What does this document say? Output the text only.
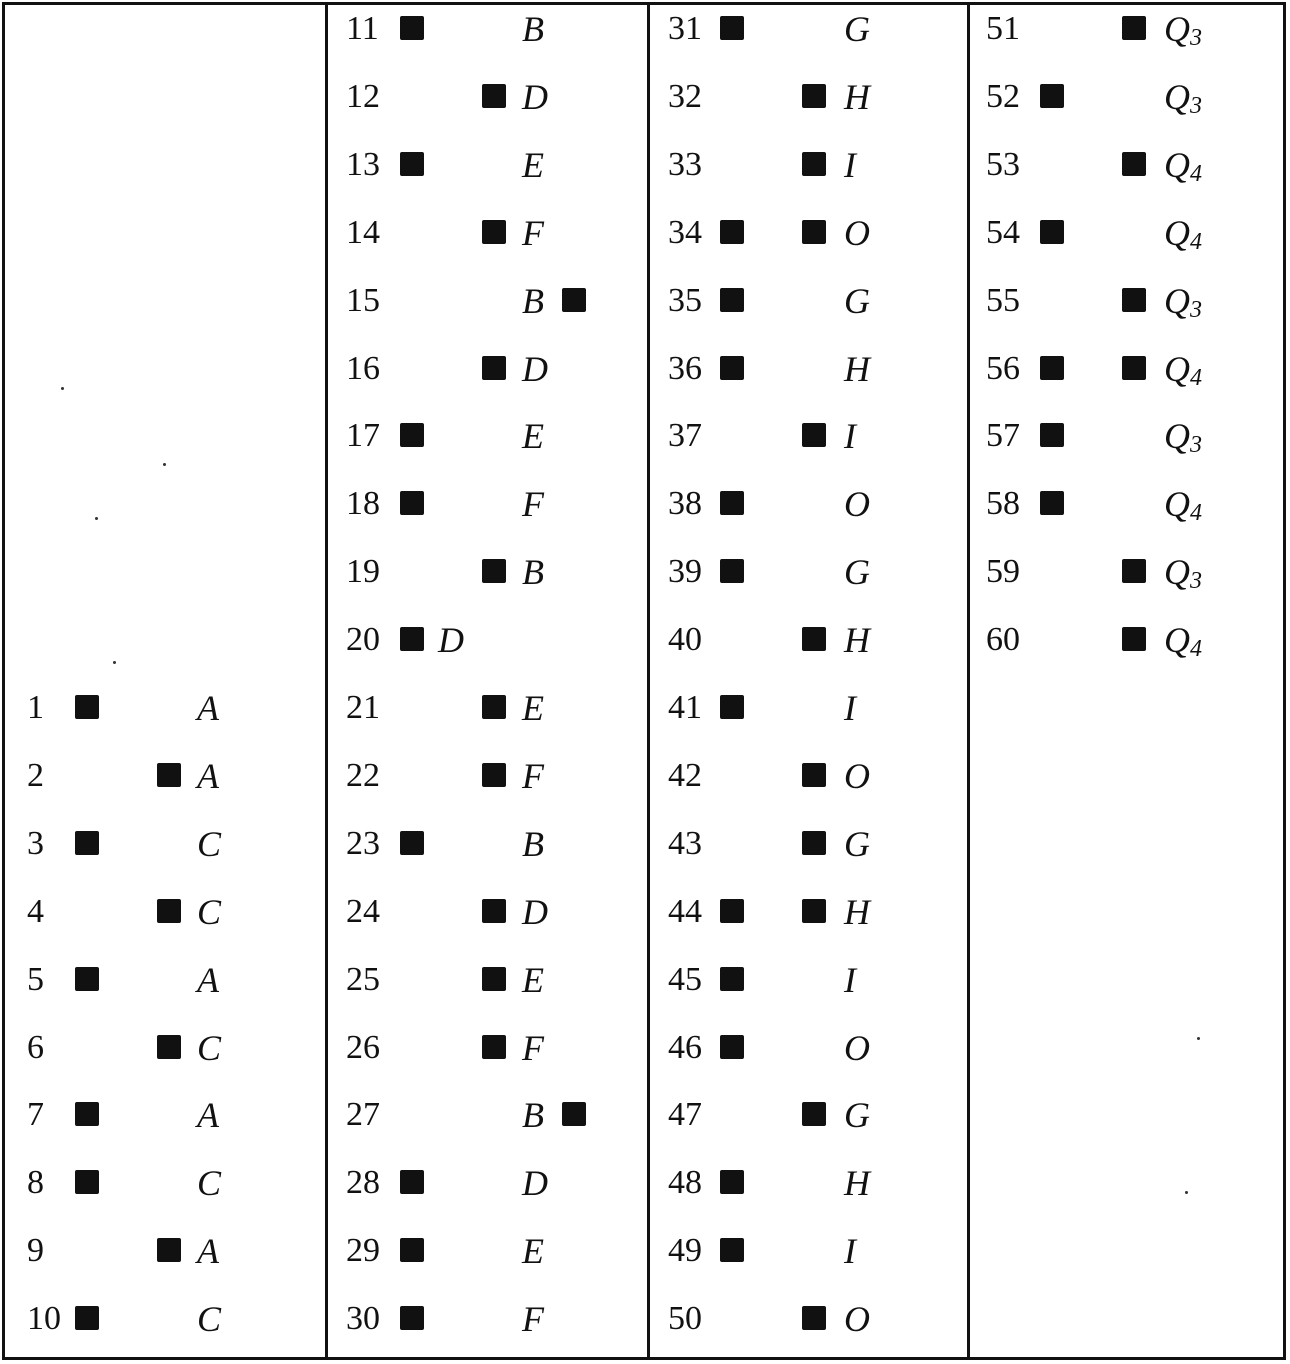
1	A
2	A
3	C
4	C
5	A
6	C
7	A
8	C
9	A
10	C
11	B
12	D
13	E
14	F
15	B
16	D
17	E
18	F
19	B
20 D
21	E
22	F
23	B
24	D
25	E
26	F
27	B
28	D
29	E
30	F
31	G
32	H
33	I
34	O
35	G
36	H
37	I
38	O
39	G
40	H
41	I
42	O
43	G
44	H
45	I
46	O
47	G
48	H
49	I
50	O
51	$Q_3$
52	$Q_3$
53	$Q_4$
54	$Q_4$
55	$Q_3$
56	$Q_4$
57	$Q_3$
58	$Q_4$
59	$Q_3$
60	$Q_4$
